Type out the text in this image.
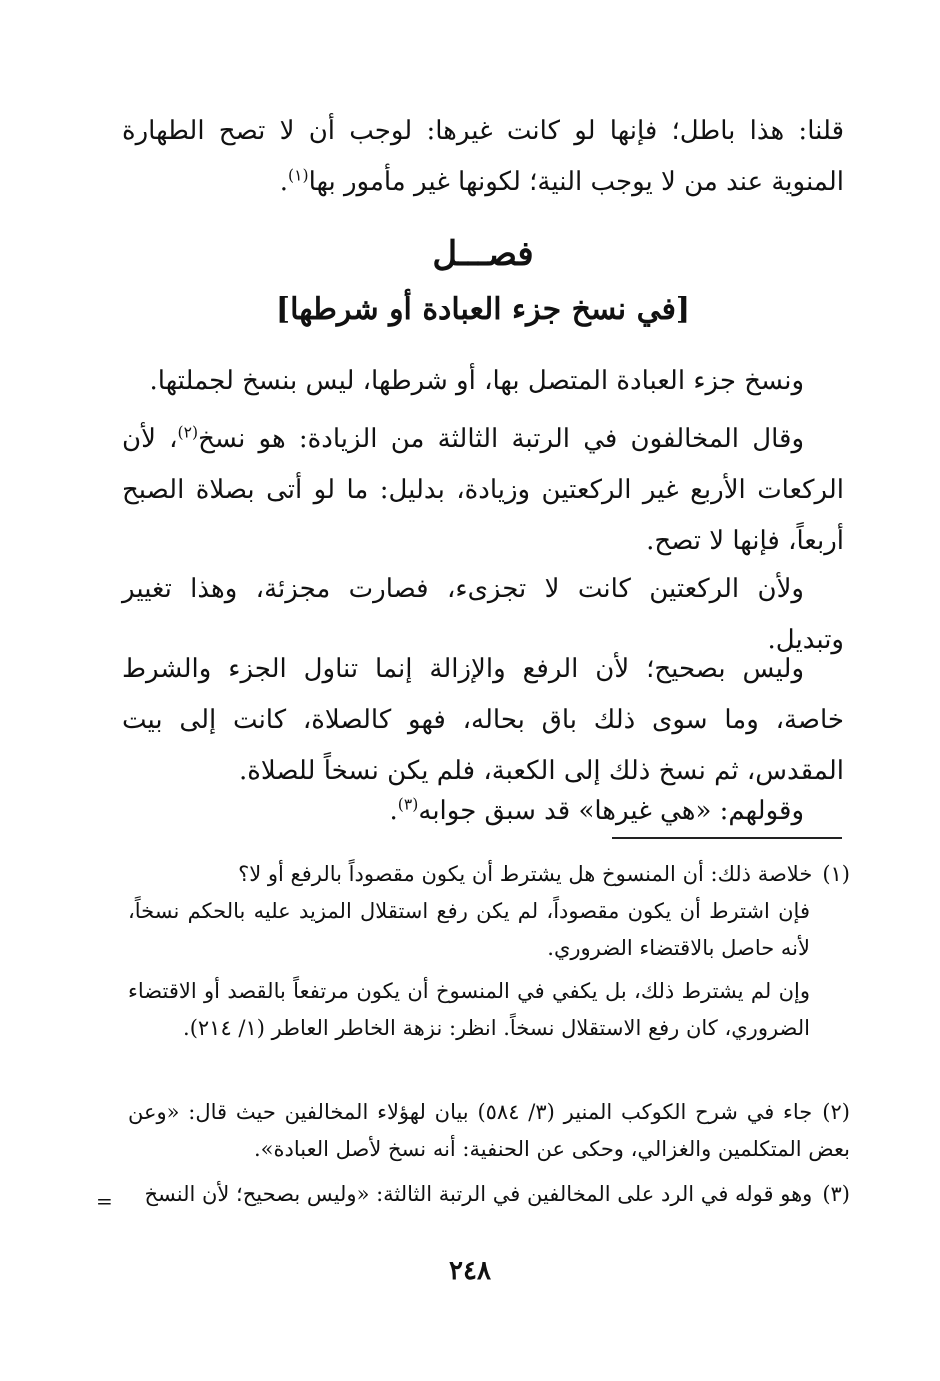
قلنا: هذا باطل؛ فإنها لو كانت غيرها: لوجب أن لا تصح الطهارة المنوية عند من لا يوجب النية؛ لكونها غير مأمور بها$^{(١)}$.
فصـــل
[في نسخ جزء العبادة أو شرطها]
ونسخ جزء العبادة المتصل بها، أو شرطها، ليس بنسخ لجملتها.
وقال المخالفون في الرتبة الثالثة من الزيادة: هو نسخ$^{(٢)}$، لأن الركعات الأربع غير الركعتين وزيادة، بدليل: ما لو أتى بصلاة الصبح أربعاً، فإنها لا تصح.
ولأن الركعتين كانت لا تجزىء، فصارت مجزئة، وهذا تغيير وتبديل.
وليس بصحيح؛ لأن الرفع والإزالة إنما تناول الجزء والشرط خاصة، وما سوى ذلك باق بحاله، فهو كالصلاة، كانت إلى بيت المقدس، ثم نسخ ذلك إلى الكعبة، فلم يكن نسخاً للصلاة.
وقولهم: «هي غيرها» قد سبق جوابه$^{(٣)}$.
(١)خلاصة ذلك: أن المنسوخ هل يشترط أن يكون مقصوداً بالرفع أو لا؟
فإن اشترط أن يكون مقصوداً، لم يكن رفع استقلال المزيد عليه بالحكم نسخاً، لأنه حاصل بالاقتضاء الضروري.
وإن لم يشترط ذلك، بل يكفي في المنسوخ أن يكون مرتفعاً بالقصد أو الاقتضاء الضروري، كان رفع الاستقلال نسخاً. انظر: نزهة الخاطر العاطر (١/ ٢١٤).
(٢)جاء في شرح الكوكب المنير (٣/ ٥٨٤) بيان لهؤلاء المخالفين حيث قال: «وعن بعض المتكلمين والغزالي، وحكى عن الحنفية: أنه نسخ لأصل العبادة».
(٣)وهو قوله في الرد على المخالفين في الرتبة الثالثة: «وليس بصحيح؛ لأن النسخ
=
٢٤٨
